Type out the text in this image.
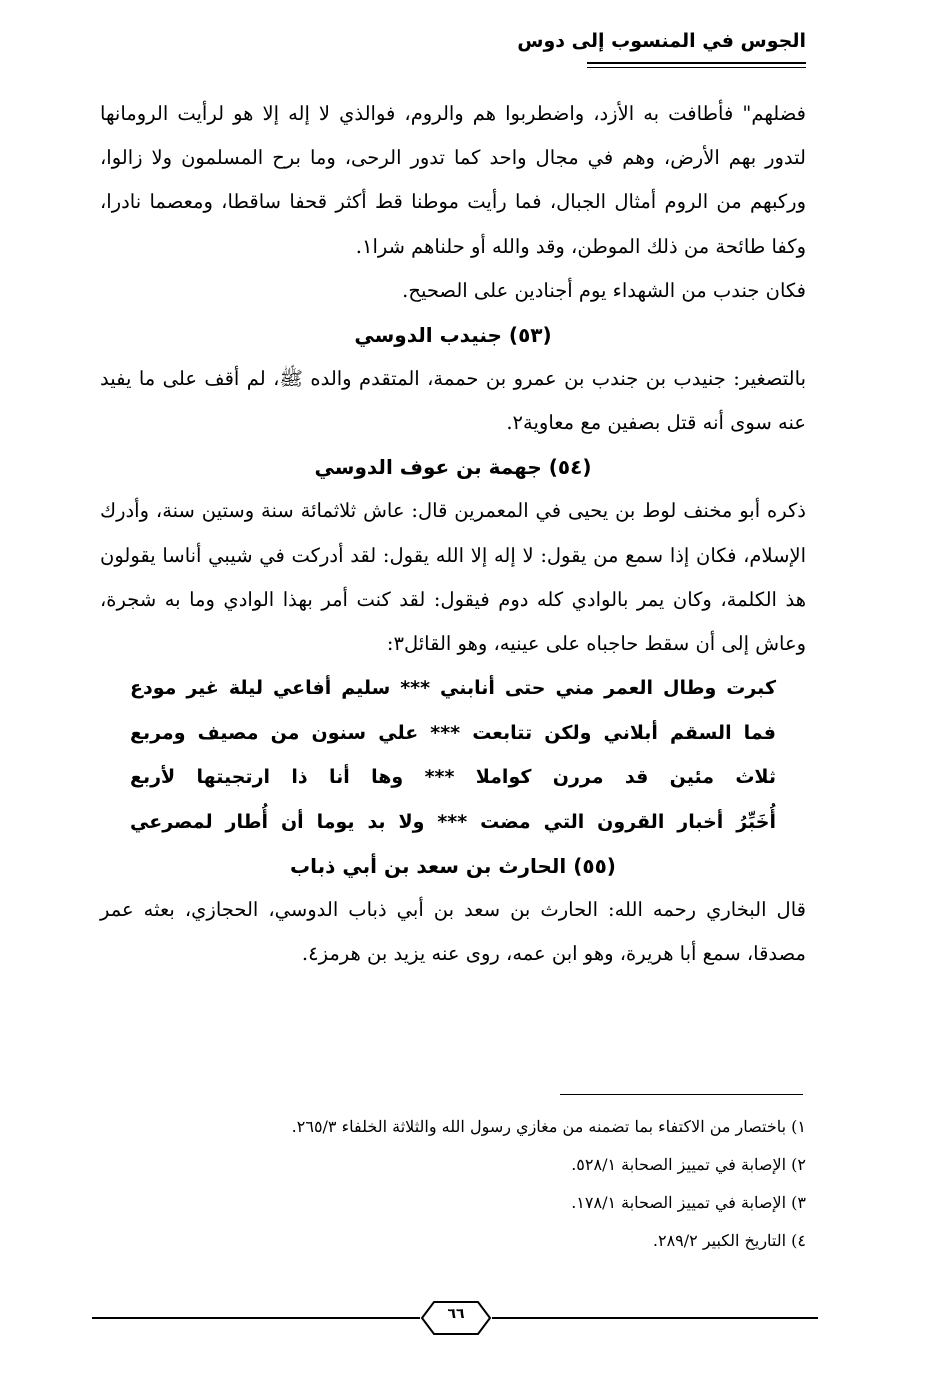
الجوس في المنسوب إلى دوس

فضلهم" فأطافت به الأزد، واضطربوا هم والروم، فوالذي لا إله إلا هو لرأيت الرومانها لتدور بهم الأرض، وهم في مجال واحد كما تدور الرحى، وما برح المسلمون ولا زالوا، وركبهم من الروم أمثال الجبال، فما رأيت موطنا قط أكثر قحفا ساقطا، ومعصما نادرا، وكفا طائحة من ذلك الموطن، وقد والله أو حلناهم شرا١.

فكان جندب من الشهداء يوم أجنادين على الصحيح.

(٥٣) جنيدب الدوسي

بالتصغير: جنيدب بن جندب بن عمرو بن حممة، المتقدم والده ﷺ، لم أقف على ما يفيد عنه سوى أنه قتل بصفين مع معاوية٢.

(٥٤) جهمة بن عوف الدوسي

ذكره أبو مخنف لوط بن يحيى في المعمرين قال: عاش ثلاثمائة سنة وستين سنة، وأدرك الإسلام، فكان إذا سمع من يقول: لا إله إلا الله يقول: لقد أدركت في شيبي أناسا يقولون هذ الكلمة، وكان يمر بالوادي كله دوم فيقول: لقد كنت أمر بهذا الوادي وما به شجرة، وعاش إلى أن سقط حاجباه على عينيه، وهو القائل٣:

كبرت وطال العمر مني حتى أنابني *** سليم أفاعي ليلة غير مودع
فما السقم أبلاني ولكن تتابعت *** علي سنون من مصيف ومربع
ثلاث مئين قد مررن كواملا *** وها أنا ذا ارتجيتها لأربع
أُخَبِّرُ أخبار القرون التي مضت *** ولا بد يوما أن أُطار لمصرعي
(٥٥) الحارث بن سعد بن أبي ذباب

قال البخاري رحمه الله: الحارث بن سعد بن أبي ذباب الدوسي، الحجازي، بعثه عمر مصدقا، سمع أبا هريرة، وهو ابن عمه، روى عنه يزيد بن هرمز٤.

١) باختصار من الاكتفاء بما تضمنه من مغازي رسول الله والثلاثة الخلفاء ٢٦٥/٣.
٢) الإصابة في تمييز الصحابة ٥٢٨/١.
٣) الإصابة في تمييز الصحابة ١٧٨/١.
٤) التاريخ الكبير ٢٨٩/٢.
٦٦
